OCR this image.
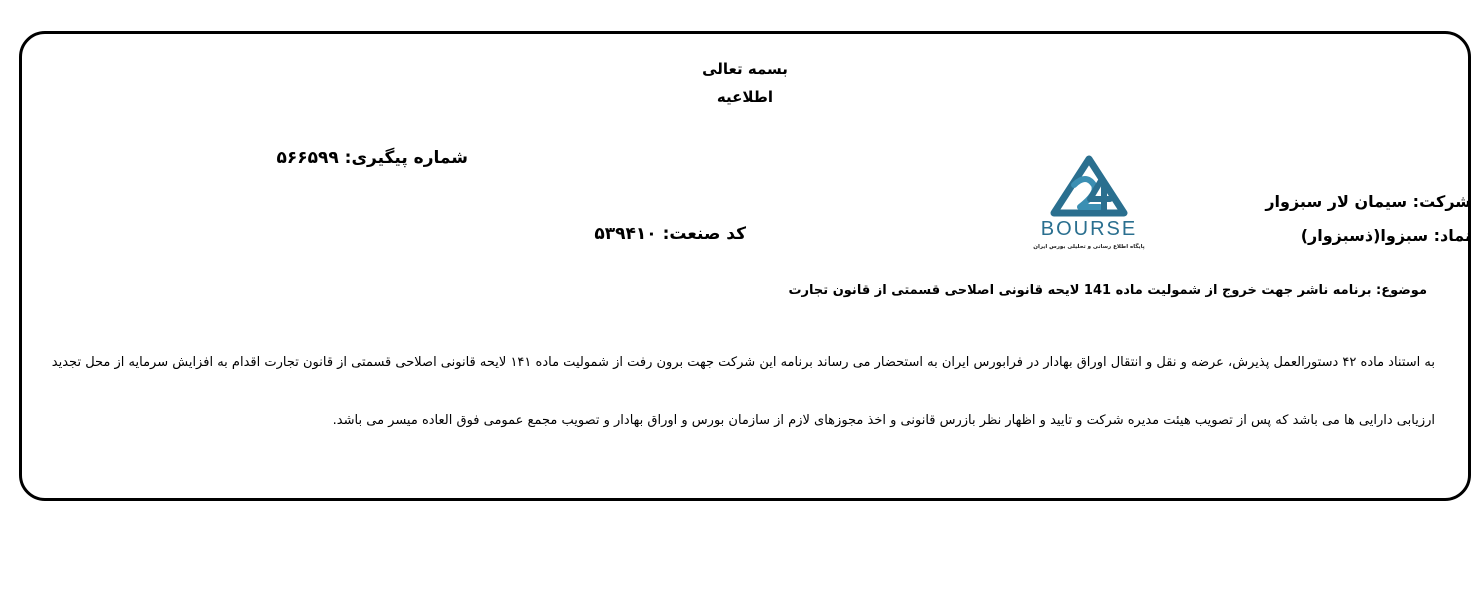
بسمه تعالی
اطلاعیه
شماره پیگیری: ۵۶۶۵۹۹
کد صنعت: ۵۳۹۴۱۰
شرکت: سیمان لار سبزوار
نماد: سبزوا(ذسبزوار)
BOURSE
پایگاه اطلاع رسانی و تحلیلی بورس ایران
موضوع: برنامه ناشر جهت خروج از شمولیت ماده 141 لایحه قانونی اصلاحی قسمتی از قانون تجارت
به استناد ماده ۴۲ دستورالعمل پذیرش، عرضه و نقل و انتقال اوراق بهادار در فرابورس ایران به استحضار می رساند برنامه این شرکت جهت برون رفت از شمولیت ماده ۱۴۱ لایحه قانونی اصلاحی قسمتی از قانون تجارت اقدام به افزایش سرمایه از محل تجدید
ارزیابی دارایی ها می باشد که پس از تصویب هیئت مدیره شرکت و تایید و اظهار نظر بازرس قانونی و اخذ مجوزهای لازم از سازمان بورس و اوراق بهادار و تصویب مجمع عمومی فوق العاده میسر می باشد.
